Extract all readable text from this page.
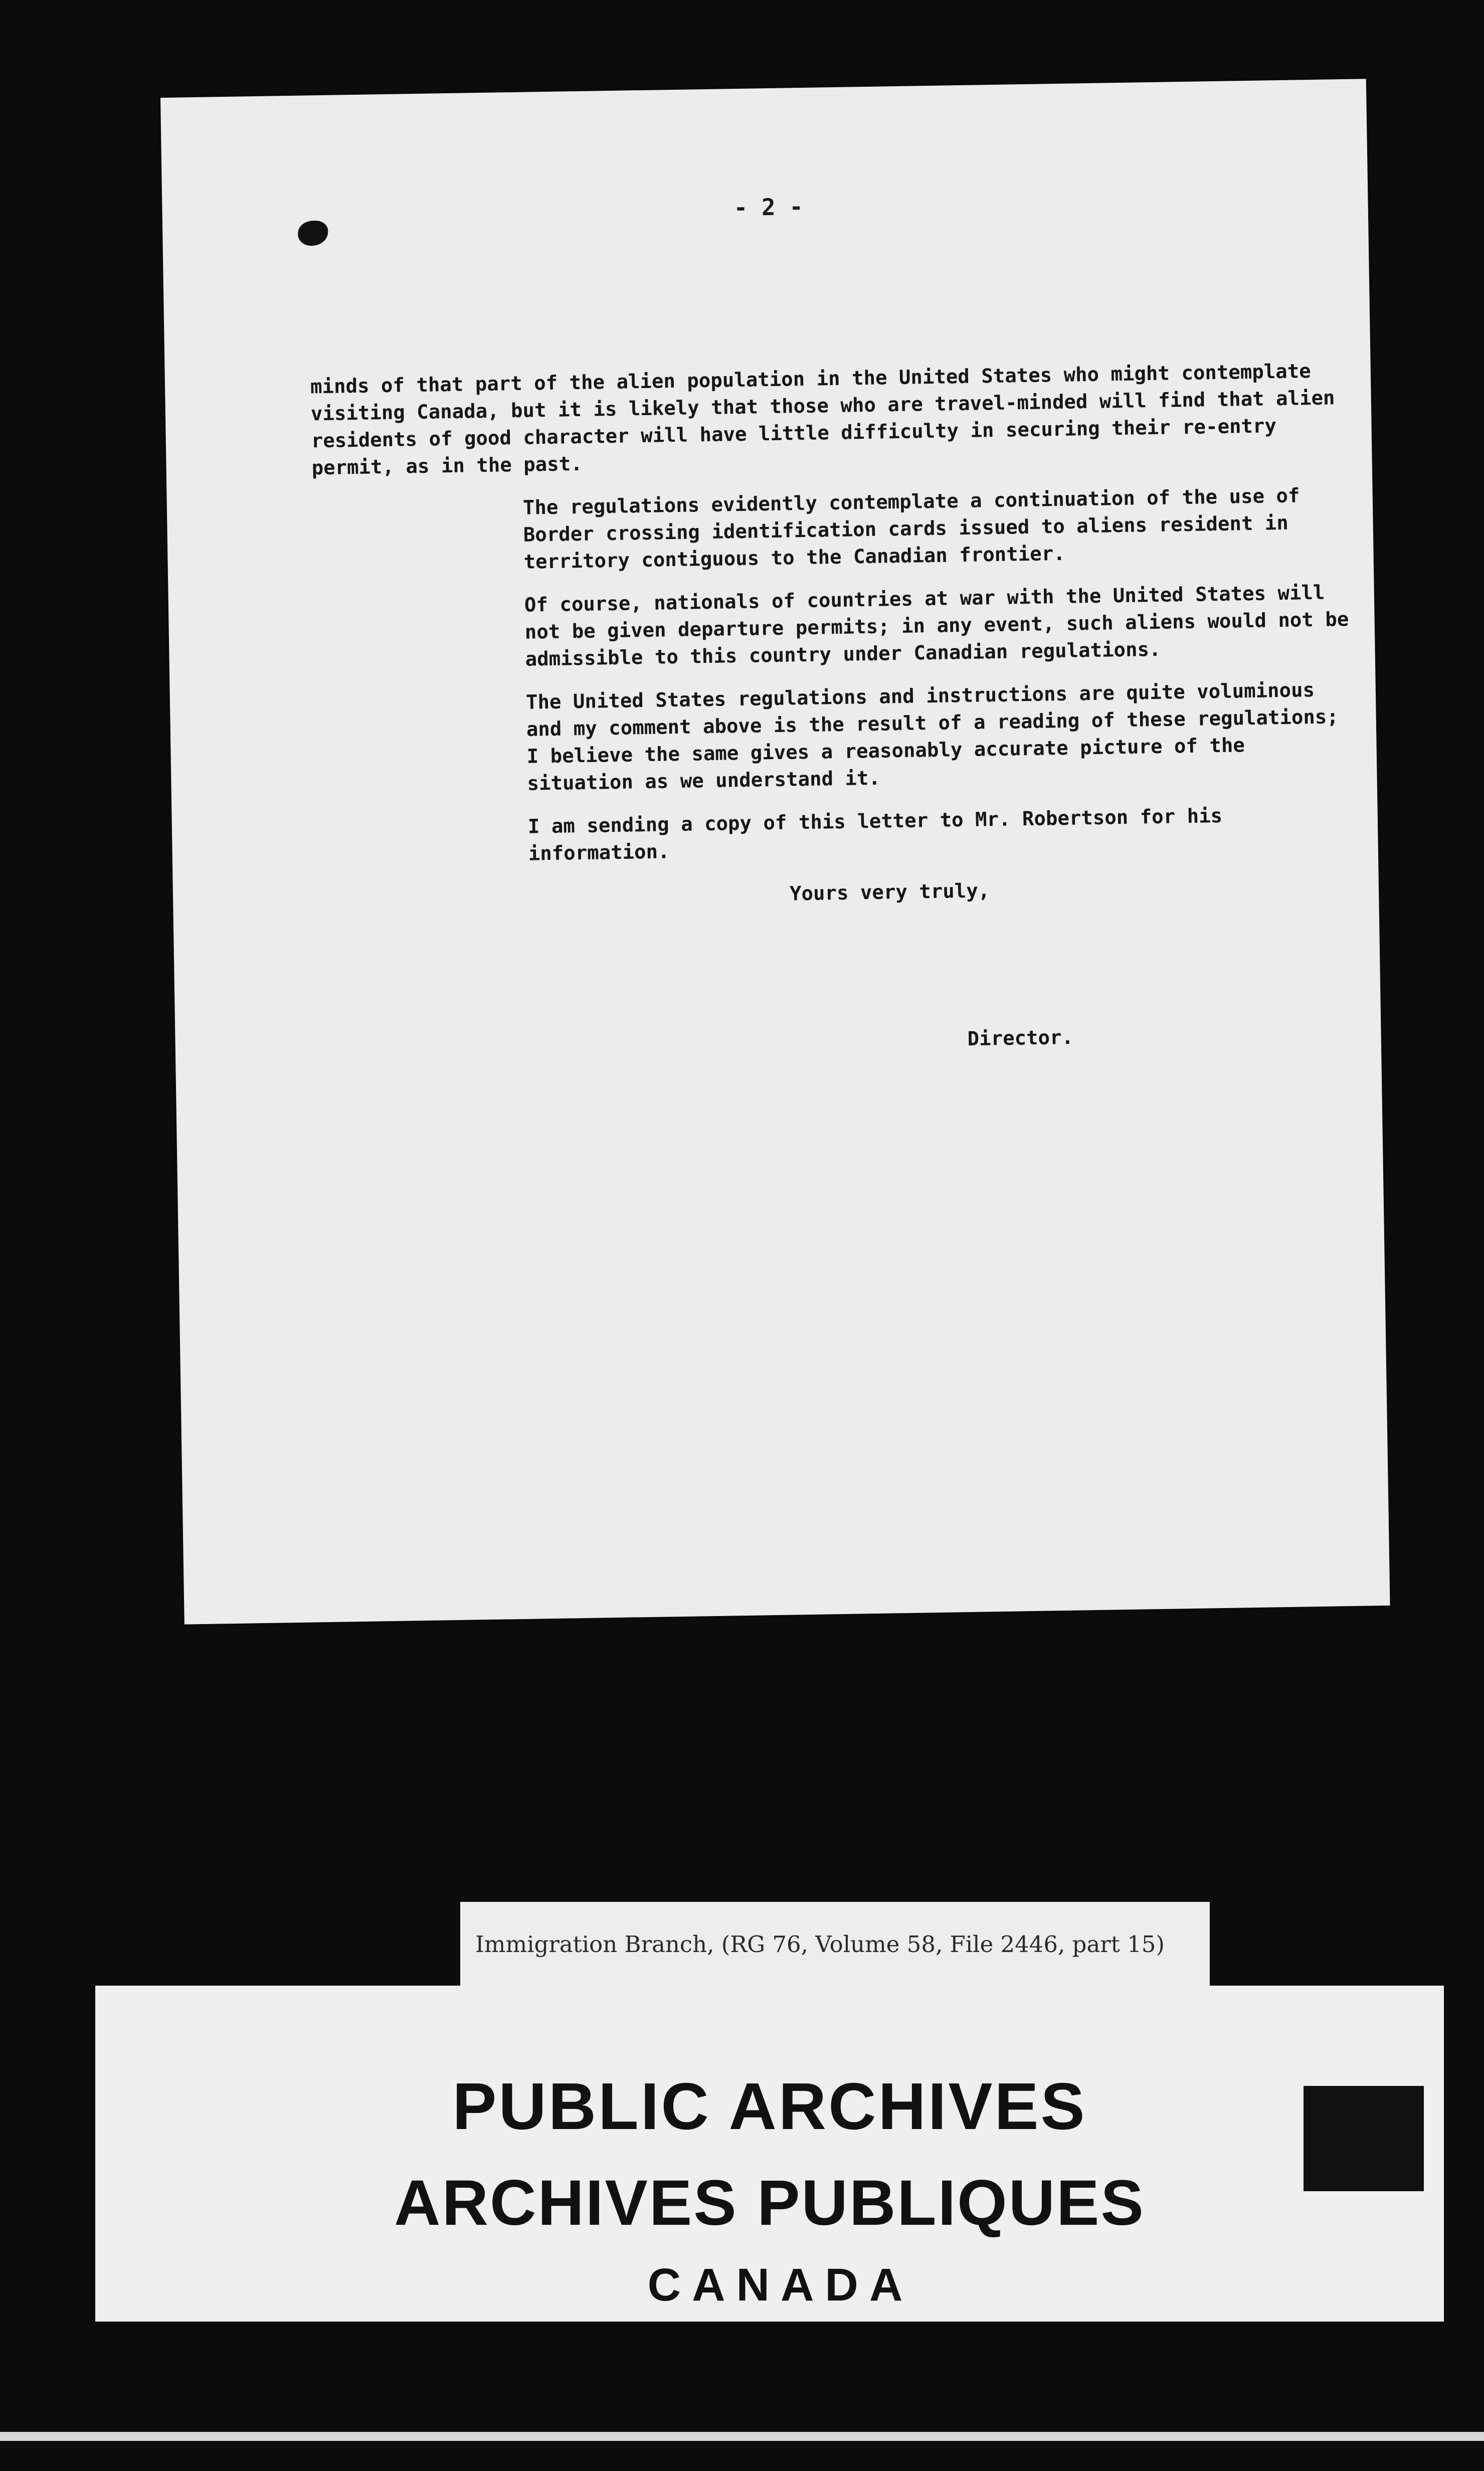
- 2 -

minds of that part of the alien population in the United States who might contemplate visiting Canada, but it is likely that those who are travel-minded will find that alien residents of good character will have little difficulty in securing their re-entry permit, as in the past.

The regulations evidently contemplate a continuation of the use of Border crossing identification cards issued to aliens resident in territory contiguous to the Canadian frontier.

Of course, nationals of countries at war with the United States will not be given departure permits; in any event, such aliens would not be admissible to this country under Canadian regulations.

The United States regulations and instructions are quite voluminous and my comment above is the result of a reading of these regulations; I believe the same gives a reasonably accurate picture of the situation as we understand it.

I am sending a copy of this letter to Mr. Robertson for his information.

Yours very truly,
Director.
Immigration Branch, (RG 76, Volume 58, File 2446, part 15)
PUBLIC ARCHIVES
ARCHIVES PUBLIQUES
CANADA
